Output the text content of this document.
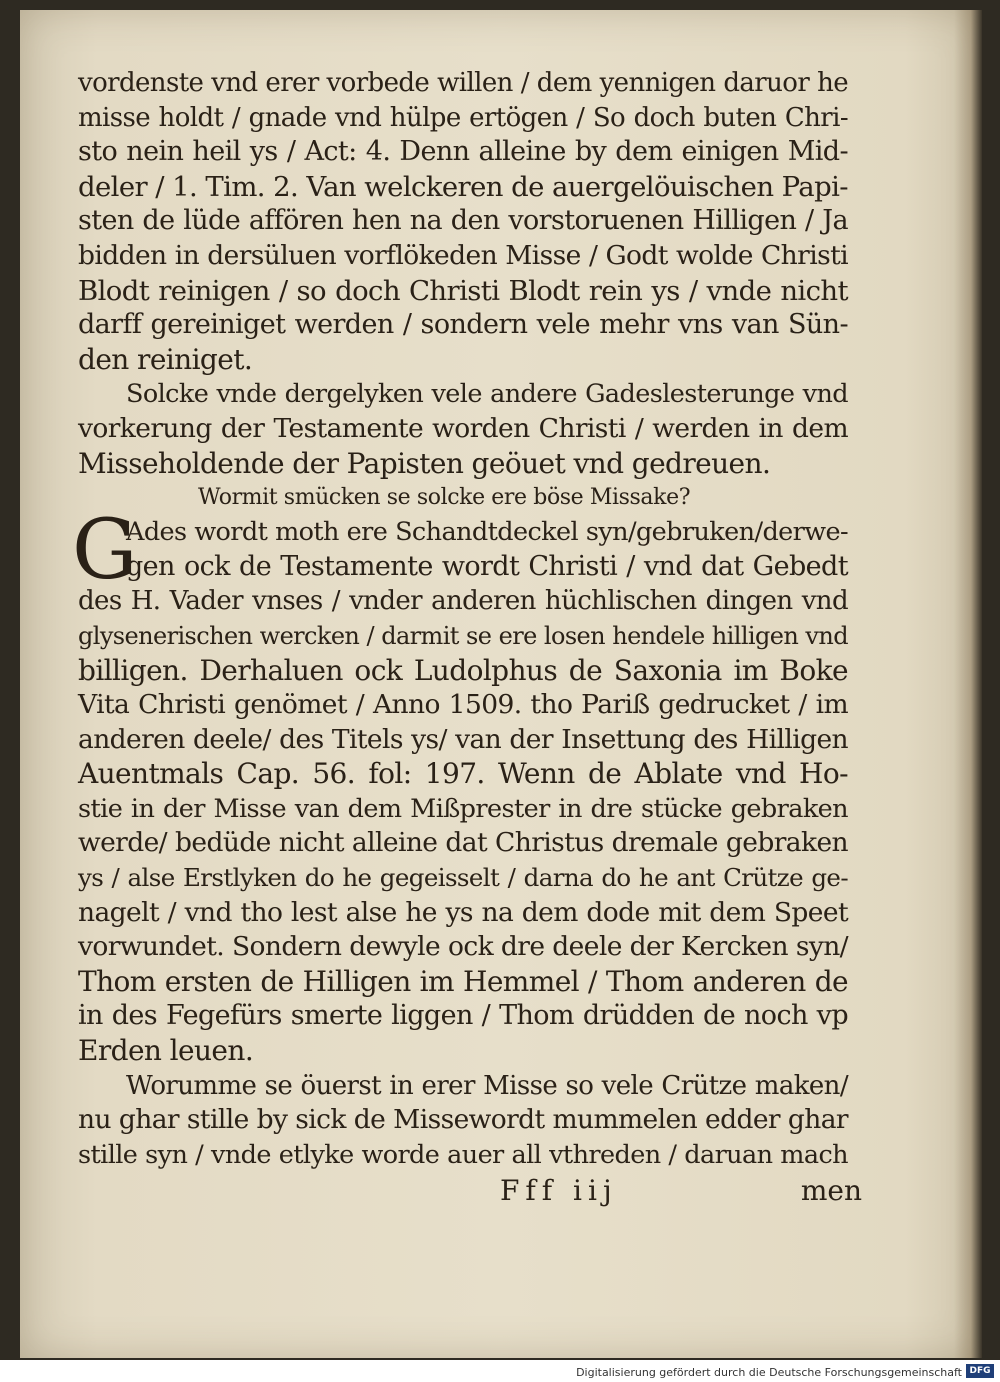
vordenste vnd erer vorbede willen / dem yennigen daruor he
misse holdt / gnade vnd hülpe ertögen / So doch buten Chri-
sto nein heil ys / Act: 4. Denn alleine by dem einigen Mid-
deler / 1. Tim. 2. Van welckeren de auergelöuischen Papi-
sten de lüde affören hen na den vorstoruenen Hilligen / Ja
bidden in dersüluen vorflökeden Misse / Godt wolde Christi
Blodt reinigen / so doch Christi Blodt rein ys / vnde nicht
darff gereiniget werden / sondern vele mehr vns van Sün-
den reiniget.
Solcke vnde dergelyken vele andere Gadeslesterunge vnd
vorkerung der Testamente worden Christi / werden in dem
Misseholdende der Papisten geöuet vnd gedreuen.
Wormit smücken se solcke ere böse Missake?
G
Ades wordt moth ere Schandtdeckel syn/gebruken/derwe-
gen ock de Testamente wordt Christi / vnd dat Gebedt
des H. Vader vnses / vnder anderen hüchlischen dingen vnd
glysenerischen wercken / darmit se ere losen hendele hilligen vnd
billigen. Derhaluen ock Ludolphus de Saxonia im Boke
Vita Christi genömet / Anno 1509. tho Pariß gedrucket / im
anderen deele/ des Titels ys/ van der Insettung des Hilligen
Auentmals Cap. 56. fol: 197. Wenn de Ablate vnd Ho-
stie in der Misse van dem Mißprester in dre stücke gebraken
werde/ bedüde nicht alleine dat Christus dremale gebraken
ys / alse Erstlyken do he gegeisselt / darna do he ant Crütze ge-
nagelt / vnd tho lest alse he ys na dem dode mit dem Speet
vorwundet. Sondern dewyle ock dre deele der Kercken syn/
Thom ersten de Hilligen im Hemmel / Thom anderen de
in des Fegefürs smerte liggen / Thom drüdden de noch vp
Erden leuen.
Worumme se öuerst in erer Misse so vele Crütze maken/
nu ghar stille by sick de Missewordt mummelen edder ghar
stille syn / vnde etlyke worde auer all vthreden / daruan mach
Fff iij	men
Digitalisierung gefördert durch die Deutsche Forschungsgemeinschaft DFG
